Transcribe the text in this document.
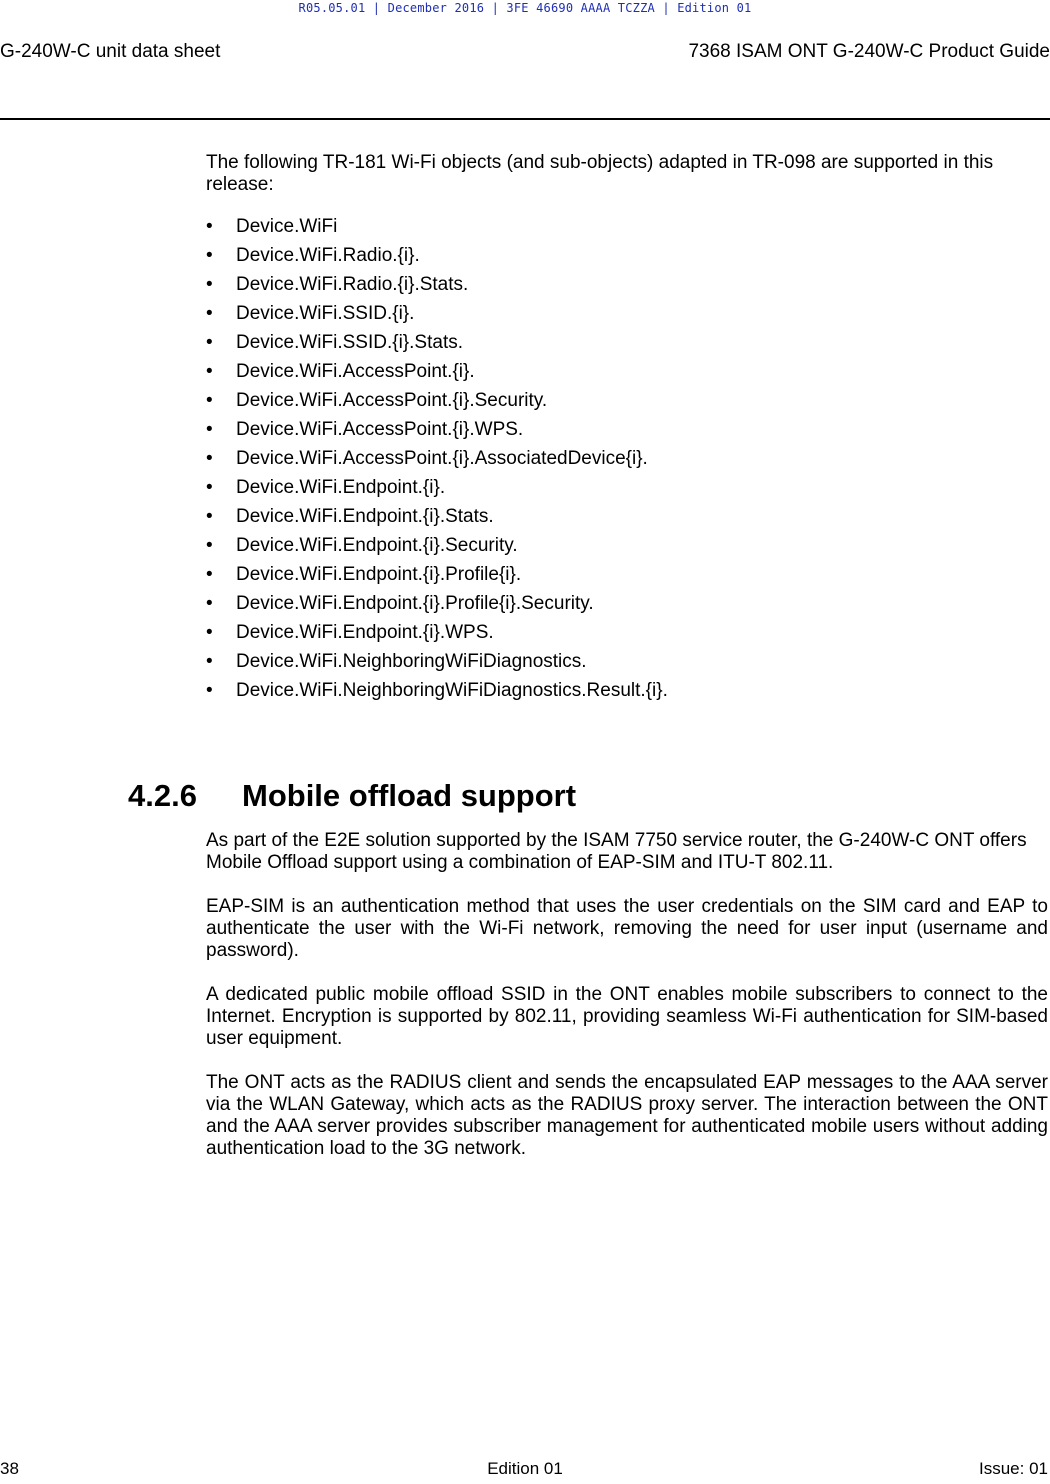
R05.05.01 | December 2016 | 3FE 46690 AAAA TCZZA | Edition 01
G-240W-C unit data sheet	7368 ISAM ONT G-240W-C Product Guide

The following TR-181 Wi-Fi objects (and sub-objects) adapted in TR-098 are supported in this release:

• Device.WiFi
• Device.WiFi.Radio.{i}.
• Device.WiFi.Radio.{i}.Stats.
• Device.WiFi.SSID.{i}.
• Device.WiFi.SSID.{i}.Stats.
• Device.WiFi.AccessPoint.{i}.
• Device.WiFi.AccessPoint.{i}.Security.
• Device.WiFi.AccessPoint.{i}.WPS.
• Device.WiFi.AccessPoint.{i}.AssociatedDevice{i}.
• Device.WiFi.Endpoint.{i}.
• Device.WiFi.Endpoint.{i}.Stats.
• Device.WiFi.Endpoint.{i}.Security.
• Device.WiFi.Endpoint.{i}.Profile{i}.
• Device.WiFi.Endpoint.{i}.Profile{i}.Security.
• Device.WiFi.Endpoint.{i}.WPS.
• Device.WiFi.NeighboringWiFiDiagnostics.
• Device.WiFi.NeighboringWiFiDiagnostics.Result.{i}.
4.2.6 Mobile offload support

As part of the E2E solution supported by the ISAM 7750 service router, the G-240W-C ONT offers Mobile Offload support using a combination of EAP-SIM and ITU-T 802.11.

EAP-SIM is an authentication method that uses the user credentials on the SIM card and EAP to authenticate the user with the Wi-Fi network, removing the need for user input (username and password).

A dedicated public mobile offload SSID in the ONT enables mobile subscribers to connect to the Internet. Encryption is supported by 802.11, providing seamless Wi-Fi authentication for SIM-based user equipment.

The ONT acts as the RADIUS client and sends the encapsulated EAP messages to the AAA server via the WLAN Gateway, which acts as the RADIUS proxy server. The interaction between the ONT and the AAA server provides subscriber management for authenticated mobile users without adding authentication load to the 3G network.

38	Edition 01	Issue: 01
